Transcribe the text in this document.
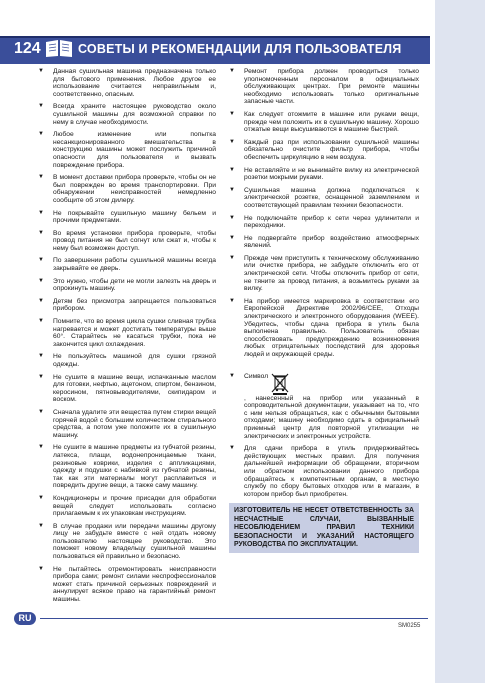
124	СОВЕТЫ И РЕКОМЕНДАЦИИ ДЛЯ ПОЛЬЗОВАТЕЛЯ
▼ Данная сушильная машина предназначена только для бытового применения. Любое другое ее использование считается неправильным и, соответственно, опасным.
▼ Всегда храните настоящее руководство около сушильной машины для возможной справки по нему в случае необходимости.
▼ Любое изменение или попытка несанкционированного вмешательства в конструкцию машины может послужить причиной опасности для пользователя и вызвать повреждение прибора.
▼ В момент доставки прибора проверьте, чтобы он не был поврежден во время транспортировки. При обнаружении неисправностей немедленно сообщите об этом дилеру.
▼ Не покрывайте сушильную машину бельем и прочими предметами.
▼ Во время установки прибора проверьте, чтобы провод питания не был согнут или сжат и, чтобы к нему был возможен доступ.
▼ По завершении работы сушильной машины всегда закрывайте ее дверь.
▼ Это нужно, чтобы дети не могли залезть на дверь и опрокинуть машину.
▼ Детям без присмотра запрещается пользоваться прибором.
▼ Помните, что во время цикла сушки сливная трубка нагревается и может достигать температуры выше 60°. Старайтесь не касаться трубки, пока не закончится цикл охлаждения.
▼ Не пользуйтесь машиной для сушки грязной одежды.
▼ Не сушите в машине вещи, испачканные маслом для готовки, нефтью, ацетоном, спиртом, бензином, керосином, пятновыводителями, скипидаром и воском.
▼ Сначала удалите эти вещества путем стирки вещей горячей водой с большим количеством стирального средства, а потом уже положите их в сушильную машину.
▼ Не сушите в машине предметы из губчатой резины, латекса, плащи, водонепроницаемые ткани, резиновые коврики, изделия с аппликациями, одежду и подушки с набивкой из губчатой резины, так как эти материалы могут расплавиться и повредить другие вещи, а также саму машину.
▼ Кондиционеры и прочие присадки для обработки вещей следует использовать согласно прилагаемым к их упаковкам инструкциям.
▼ В случае продажи или передачи машины другому лицу не забудьте вместе с ней отдать новому пользователю настоящее руководство. Это поможет новому владельцу сушильной машины пользоваться ей правильно и безопасно.
▼ Не пытайтесь отремонтировать неисправности прибора сами; ремонт силами неспрофессионалов может стать причиной серьезных повреждений и аннулирует всякое право на гарантийный ремонт машины.
▼ Ремонт прибора должен проводиться только уполномоченным персоналом в официальных обслуживающих центрах. При ремонте машины необходимо использовать только оригинальные запасные части.
▼ Как следует отожмите в машине или руками вещи, прежде чем положить их в сушильную машину. Хорошо отжатые вещи высушиваются в машине быстрей.
▼ Каждый раз при использовании сушильной машины обязательно очистите фильтр прибора, чтобы обеспечить циркуляцию в нем воздуха.
▼ Не вставляйте и не вынимайте вилку из электрической розетки мокрыми руками.
▼ Сушильная машина должна подключаться к электрической розетке, оснащенной заземлением и соответствующей правилам техники безопасности.
▼ Не подключайте прибор к сети через удлинители и переходники.
▼ Не подвергайте прибор воздействию атмосферных явлений.
▼ Прежде чем приступить к техническому обслуживанию или очистке прибора, не забудьте отключить его от электрической сети. Чтобы отключить прибор от сети, не тяните за провод питания, а возьмитесь руками за вилку.
▼ На прибор имеется маркировка в соответствии его Европейской Директиве 2002/96/CEE, Отходы электрического и электронного оборудования (WEEE). Убедитесь, чтобы сдача прибора в утиль была выполнена правильно. Пользователь обязан способствовать предупреждению возникновения любых отрицательных последствий для здоровья людей и окружающей среды.
▼ Символ
, нанесенный на прибор или указанный в сопроводительной документации, указывает на то, что с ним нельзя обращаться, как с обычными бытовыми отходами; машину необходимо сдать в официальный приемный центр для повторной утилизации не электрических и электронных устройств.
▼ Для сдачи прибора в утиль придерживайтесь действующих местных правил. Для получения дальнейшей информации об обращении, вторичном или обратном использовании данного прибора обращайтесь к компетентным органам, в местную службу по сбору бытовых отходов или в магазин, в котором прибор был приобретен.
ИЗГОТОВИТЕЛЬ НЕ НЕСЕТ ОТВЕТСТВЕННОСТЬ ЗА НЕСЧАСТНЫЕ СЛУЧАИ, ВЫЗВАННЫЕ НЕСОБЛЮДЕНИЕМ ПРАВИЛ ТЕХНИКИ БЕЗОПАСНОСТИ И УКАЗАНИЙ НАСТОЯЩЕГО РУКОВОДСТВА ПО ЭКСПЛУАТАЦИИ.
RU
SM0255
